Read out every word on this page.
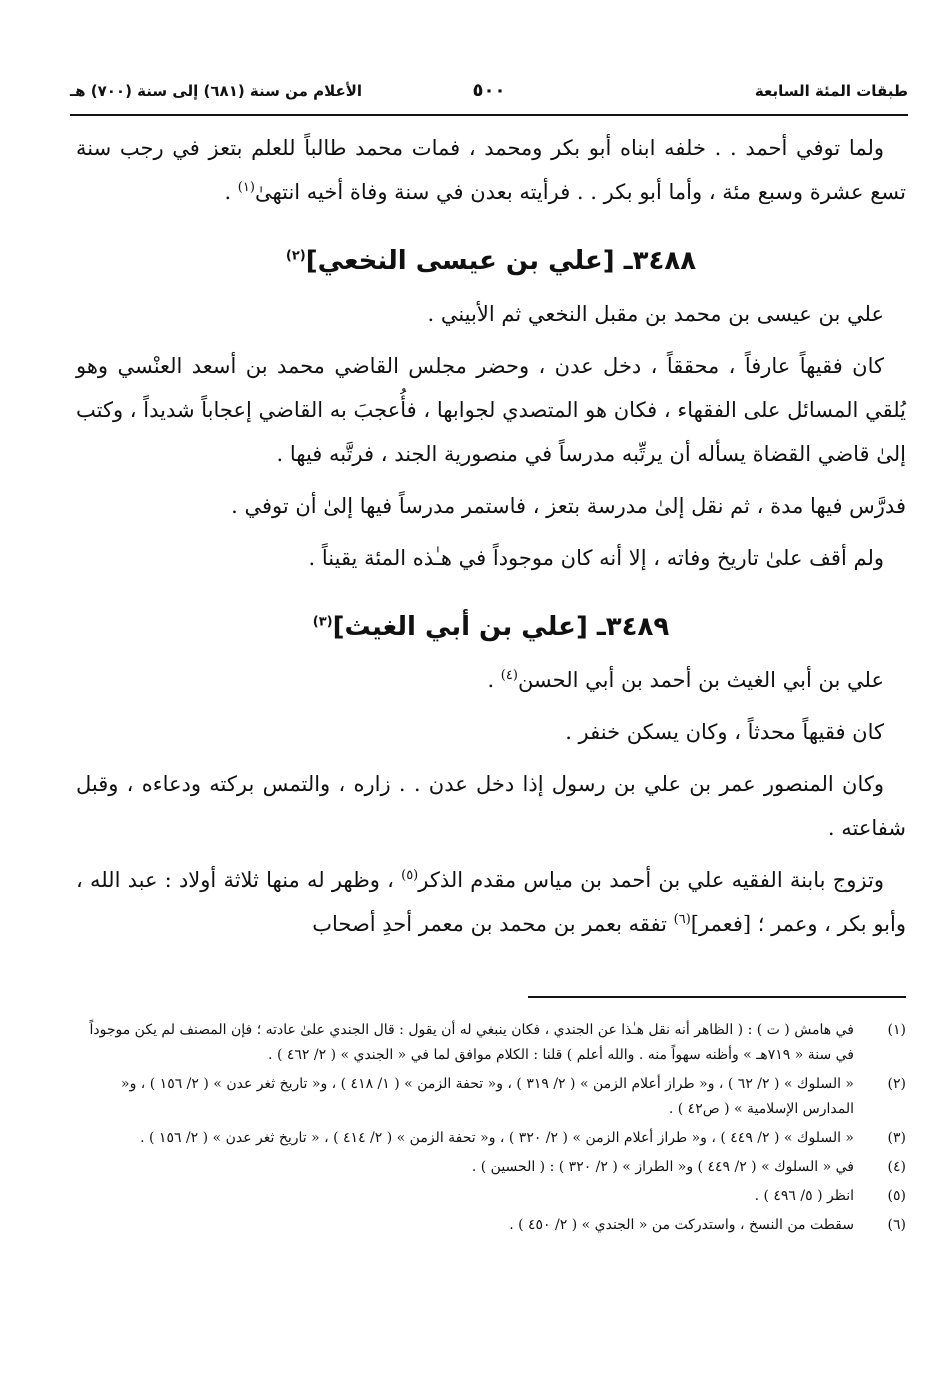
طبقات المئة السابعة
٥٠٠
الأعلام من سنة (٦٨١) إلى سنة (٧٠٠) هـ

ولما توفي أحمد . . خلفه ابناه أبو بكر ومحمد ، فمات محمد طالباً للعلم بتعز في رجب سنة تسع عشرة وسبع مئة ، وأما أبو بكر . . فرأيته بعدن في سنة وفاة أخيه انتهىٰ$^{(١)}$ .

٣٤٨٨ـ [علي بن عيسى النخعي]$^{(٢)}$

علي بن عيسى بن محمد بن مقبل النخعي ثم الأبيني .

كان فقيهاً عارفاً ، محققاً ، دخل عدن ، وحضر مجلس القاضي محمد بن أسعد العنْسي وهو يُلقي المسائل على الفقهاء ، فكان هو المتصدي لجوابها ، فأُعجبَ به القاضي إعجاباً شديداً ، وكتب إلىٰ قاضي القضاة يسأله أن يرتِّبه مدرساً في منصورية الجند ، فرتَّبه فيها .

فدرَّس فيها مدة ، ثم نقل إلىٰ مدرسة بتعز ، فاستمر مدرساً فيها إلىٰ أن توفي .

ولم أقف علىٰ تاريخ وفاته ، إلا أنه كان موجوداً في هـٰذه المئة يقيناً .

٣٤٨٩ـ [علي بن أبي الغيث]$^{(٣)}$

علي بن أبي الغيث بن أحمد بن أبي الحسن$^{(٤)}$ .

كان فقيهاً محدثاً ، وكان يسكن خنفر .

وكان المنصور عمر بن علي بن رسول إذا دخل عدن . . زاره ، والتمس بركته ودعاءه ، وقبل شفاعته .

وتزوج بابنة الفقيه علي بن أحمد بن مياس مقدم الذكر$^{(٥)}$ ، وظهر له منها ثلاثة أولاد : عبد الله ، وأبو بكر ، وعمر ؛ [فعمر]$^{(٦)}$ تفقه بعمر بن محمد بن معمر أحدِ أصحاب

(١)
في هامش ( ت ) : ( الظاهر أنه نقل هـٰذا عن الجندي ، فكان ينبغي له أن يقول : قال الجندي علىٰ عادته ؛ فإن المصنف لم يكن موجوداً في سنة « ٧١٩هـ » وأظنه سهواً منه . والله أعلم ) قلنا : الكلام موافق لما في « الجندي » ( ٢/ ٤٦٢ ) .
(٢)
« السلوك » ( ٢/ ٦٢ ) ، و« طراز أعلام الزمن » ( ٢/ ٣١٩ ) ، و« تحفة الزمن » ( ١/ ٤١٨ ) ، و« تاريخ ثغر عدن » ( ٢/ ١٥٦ ) ، و« المدارس الإسلامية » ( ص٤٢ ) .
(٣)
« السلوك » ( ٢/ ٤٤٩ ) ، و« طراز أعلام الزمن » ( ٢/ ٣٢٠ ) ، و« تحفة الزمن » ( ٢/ ٤١٤ ) ، « تاريخ ثغر عدن » ( ٢/ ١٥٦ ) .
(٤)
في « السلوك » ( ٢/ ٤٤٩ ) و« الطراز » ( ٢/ ٣٢٠ ) : ( الحسين ) .
(٥)
انظر ( ٥/ ٤٩٦ ) .
(٦)
سقطت من النسخ ، واستدركت من « الجندي » ( ٢/ ٤٥٠ ) .
